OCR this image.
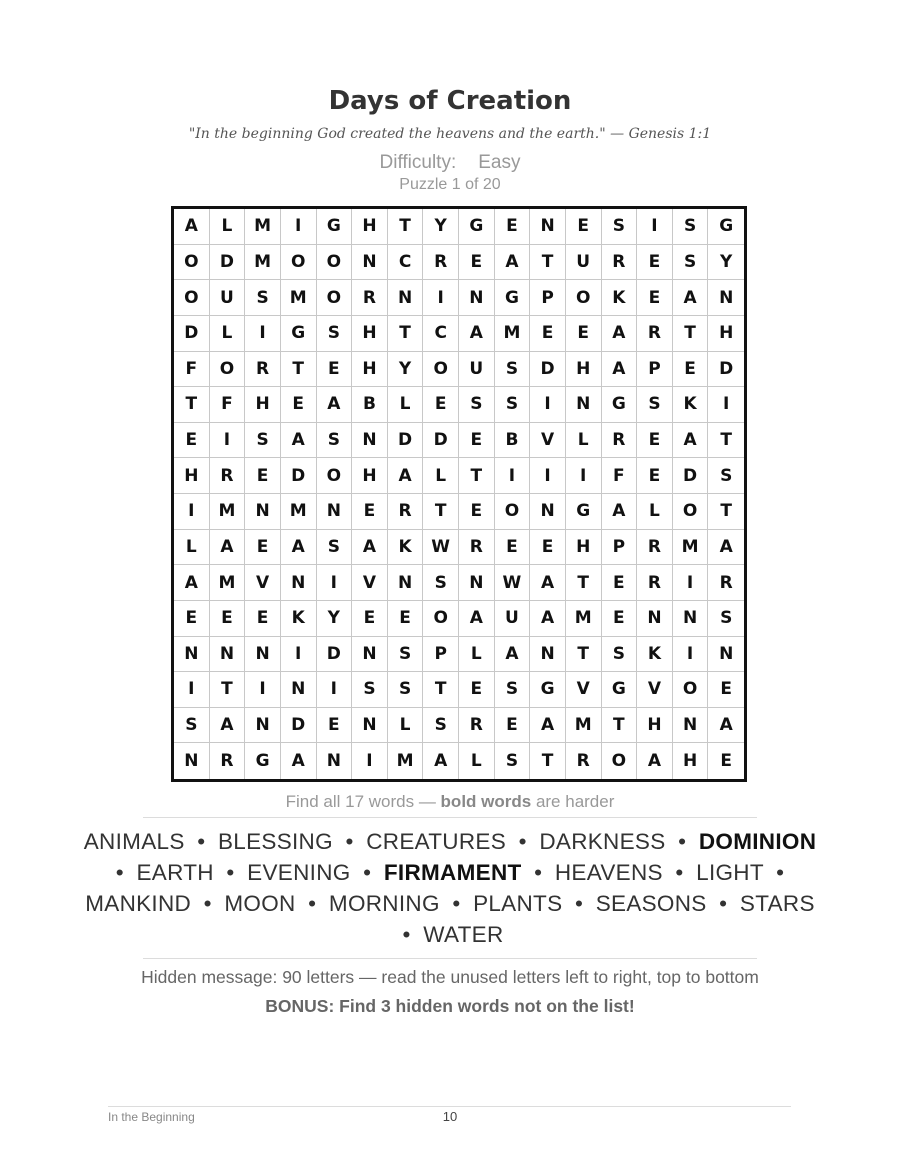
Days of Creation
"In the beginning God created the heavens and the earth." — Genesis 1:1
Difficulty: Easy
Puzzle 1 of 20
A	L	M	I	G	H	T	Y	G	E	N	E	S	I	S	G
O	D	M	O	O	N	C	R	E	A	T	U	R	E	S	Y
O	U	S	M	O	R	N	I	N	G	P	O	K	E	A	N
D	L	I	G	S	H	T	C	A	M	E	E	A	R	T	H
F	O	R	T	E	H	Y	O	U	S	D	H	A	P	E	D
T	F	H	E	A	B	L	E	S	S	I	N	G	S	K	I
E	I	S	A	S	N	D	D	E	B	V	L	R	E	A	T
H	R	E	D	O	H	A	L	T	I	I	I	F	E	D	S
I	M	N	M	N	E	R	T	E	O	N	G	A	L	O	T
L	A	E	A	S	A	K	W	R	E	E	H	P	R	M	A
A	M	V	N	I	V	N	S	N	W	A	T	E	R	I	R
E	E	E	K	Y	E	E	O	A	U	A	M	E	N	N	S
N	N	N	I	D	N	S	P	L	A	N	T	S	K	I	N
I	T	I	N	I	S	S	T	E	S	G	V	G	V	O	E
S	A	N	D	E	N	L	S	R	E	A	M	T	H	N	A
N	R	G	A	N	I	M	A	L	S	T	R	O	A	H	E
Find all 17 words — bold words are harder
ANIMALS • BLESSING • CREATURES • DARKNESS • DOMINION • EARTH • EVENING • FIRMAMENT • HEAVENS • LIGHT • MANKIND • MOON • MORNING • PLANTS • SEASONS • STARS • WATER
Hidden message: 90 letters — read the unused letters left to right, top to bottom
BONUS: Find 3 hidden words not on the list!
In the Beginning	10
